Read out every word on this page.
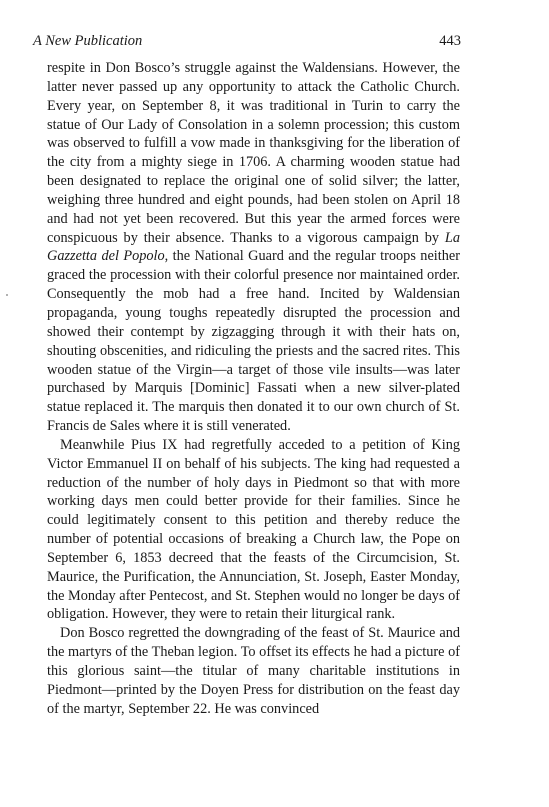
A New Publication	443

respite in Don Bosco’s struggle against the Waldensians. However, the latter never passed up any opportunity to attack the Catholic Church. Every year, on September 8, it was traditional in Turin to carry the statue of Our Lady of Consolation in a solemn procession; this custom was observed to fulfill a vow made in thanksgiving for the liberation of the city from a mighty siege in 1706. A charming wooden statue had been designated to replace the original one of solid silver; the latter, weighing three hundred and eight pounds, had been stolen on April 18 and had not yet been recovered. But this year the armed forces were conspicuous by their absence. Thanks to a vigorous campaign by La Gazzetta del Popolo, the National Guard and the regular troops neither graced the procession with their colorful presence nor maintained order. Consequently the mob had a free hand. Incited by Waldensian propaganda, young toughs repeatedly disrupted the procession and showed their contempt by zigzagging through it with their hats on, shouting obscenities, and ridiculing the priests and the sacred rites. This wooden statue of the Virgin—a target of those vile insults—was later purchased by Marquis [Dominic] Fassati when a new silver-plated statue replaced it. The marquis then donated it to our own church of St. Francis de Sales where it is still venerated.

Meanwhile Pius IX had regretfully acceded to a petition of King Victor Emmanuel II on behalf of his subjects. The king had requested a reduction of the number of holy days in Piedmont so that with more working days men could better provide for their families. Since he could legitimately consent to this petition and thereby reduce the number of potential occasions of breaking a Church law, the Pope on September 6, 1853 decreed that the feasts of the Circumcision, St. Maurice, the Purification, the Annunciation, St. Joseph, Easter Monday, the Monday after Pentecost, and St. Stephen would no longer be days of obligation. However, they were to retain their liturgical rank.

Don Bosco regretted the downgrading of the feast of St. Maurice and the martyrs of the Theban legion. To offset its effects he had a picture of this glorious saint—the titular of many charitable institutions in Piedmont—printed by the Doyen Press for distribution on the feast day of the martyr, September 22. He was convinced
